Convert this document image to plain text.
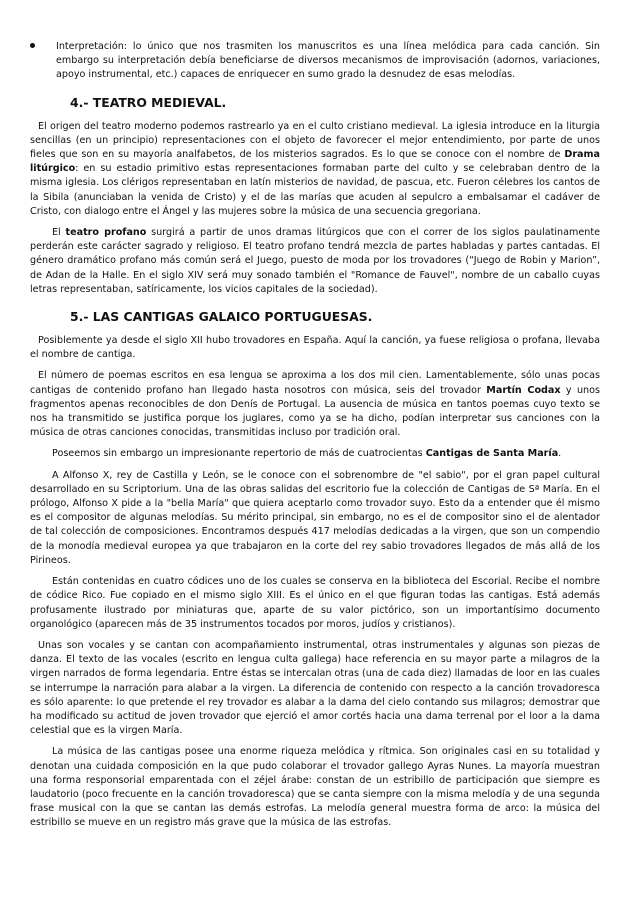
Interpretación: lo único que nos trasmiten los manuscritos es una línea melódica para cada canción. Sin embargo su interpretación debía beneficiarse de diversos mecanismos de improvisación (adornos, variaciones, apoyo instrumental, etc.) capaces de enriquecer en sumo grado la desnudez de esas melodías.

4.- TEATRO MEDIEVAL.

El origen del teatro moderno podemos rastrearlo ya en el culto cristiano medieval. La iglesia introduce en la liturgia sencillas (en un principio) representaciones con el objeto de favorecer el mejor entendimiento, por parte de unos fieles que son en su mayoría analfabetos, de los misterios sagrados. Es lo que se conoce con el nombre de Drama litúrgico: en su estadio primitivo estas representaciones formaban parte del culto y se celebraban dentro de la misma iglesia. Los clérigos representaban en latín misterios de navidad, de pascua, etc. Fueron célebres los cantos de la Sibila (anunciaban la venida de Cristo) y el de las marías que acuden al sepulcro a embalsamar el cadáver de Cristo, con dialogo entre el Ángel y las mujeres sobre la música de una secuencia gregoriana.

El teatro profano surgirá a partir de unos dramas litúrgicos que con el correr de los siglos paulatinamente perderán este carácter sagrado y religioso. El teatro profano tendrá mezcla de partes habladas y partes cantadas. El género dramático profano más común será el Juego, puesto de moda por los trovadores (“Juego de Robin y Marion”, de Adan de la Halle. En el siglo XIV será muy sonado también el "Romance de Fauvel", nombre de un caballo cuyas letras representaban, satíricamente, los vicios capitales de la sociedad).

5.- LAS CANTIGAS GALAICO PORTUGUESAS.

Posiblemente ya desde el siglo XII hubo trovadores en España. Aquí la canción, ya fuese religiosa o profana, llevaba el nombre de cantiga.

El número de poemas escritos en esa lengua se aproxima a los dos mil cien. Lamentablemente, sólo unas pocas cantigas de contenido profano han llegado hasta nosotros con música, seis del trovador Martín Codax y unos fragmentos apenas reconocibles de don Denís de Portugal. La ausencia de música en tantos poemas cuyo texto se nos ha transmitido se justifica porque los juglares, como ya se ha dicho, podían interpretar sus canciones con la música de otras canciones conocidas, transmitidas incluso por tradición oral.

Poseemos sin embargo un impresionante repertorio de más de cuatrocientas Cantigas de Santa María.

A Alfonso X, rey de Castilla y León, se le conoce con el sobrenombre de "el sabio", por el gran papel cultural desarrollado en su Scriptorium. Una de las obras salidas del escritorio fue la colección de Cantigas de Sª María. En el prólogo, Alfonso X pide a la "bella María" que quiera aceptarlo como trovador suyo. Esto da a entender que él mismo es el compositor de algunas melodías. Su mérito principal, sin embargo, no es el de compositor sino el de alentador de tal colección de composiciones. Encontramos después 417 melodías dedicadas a la virgen, que son un compendio de la monodía medieval europea ya que trabajaron en la corte del rey sabio trovadores llegados de más allá de los Pirineos.

Están contenidas en cuatro códices uno de los cuales se conserva en la biblioteca del Escorial. Recibe el nombre de códice Rico. Fue copiado en el mismo siglo XIII. Es el único en el que figuran todas las cantigas. Está además profusamente ilustrado por miniaturas que, aparte de su valor pictórico, son un importantísimo documento organológico (aparecen más de 35 instrumentos tocados por moros, judíos y cristianos).

Unas son vocales y se cantan con acompañamiento instrumental, otras instrumentales y algunas son piezas de danza. El texto de las vocales (escrito en lengua culta gallega) hace referencia en su mayor parte a milagros de la virgen narrados de forma legendaria. Entre éstas se intercalan otras (una de cada diez) llamadas de loor en las cuales se interrumpe la narración para alabar a la virgen. La diferencia de contenido con respecto a la canción trovadoresca es sólo aparente: lo que pretende el rey trovador es alabar a la dama del cielo contando sus milagros; demostrar que ha modificado su actitud de joven trovador que ejerció el amor cortés hacia una dama terrenal por el loor a la dama celestial que es la virgen María.

La música de las cantigas posee una enorme riqueza melódica y rítmica. Son originales casi en su totalidad y denotan una cuidada composición en la que pudo colaborar el trovador gallego Ayras Nunes. La mayoría muestran una forma responsorial emparentada con el zéjel árabe: constan de un estribillo de participación que siempre es laudatorio (poco frecuente en la canción trovadoresca) que se canta siempre con la misma melodía y de una segunda frase musical con la que se cantan las demás estrofas. La melodía general muestra forma de arco: la música del estribillo se mueve en un registro más grave que la música de las estrofas.
